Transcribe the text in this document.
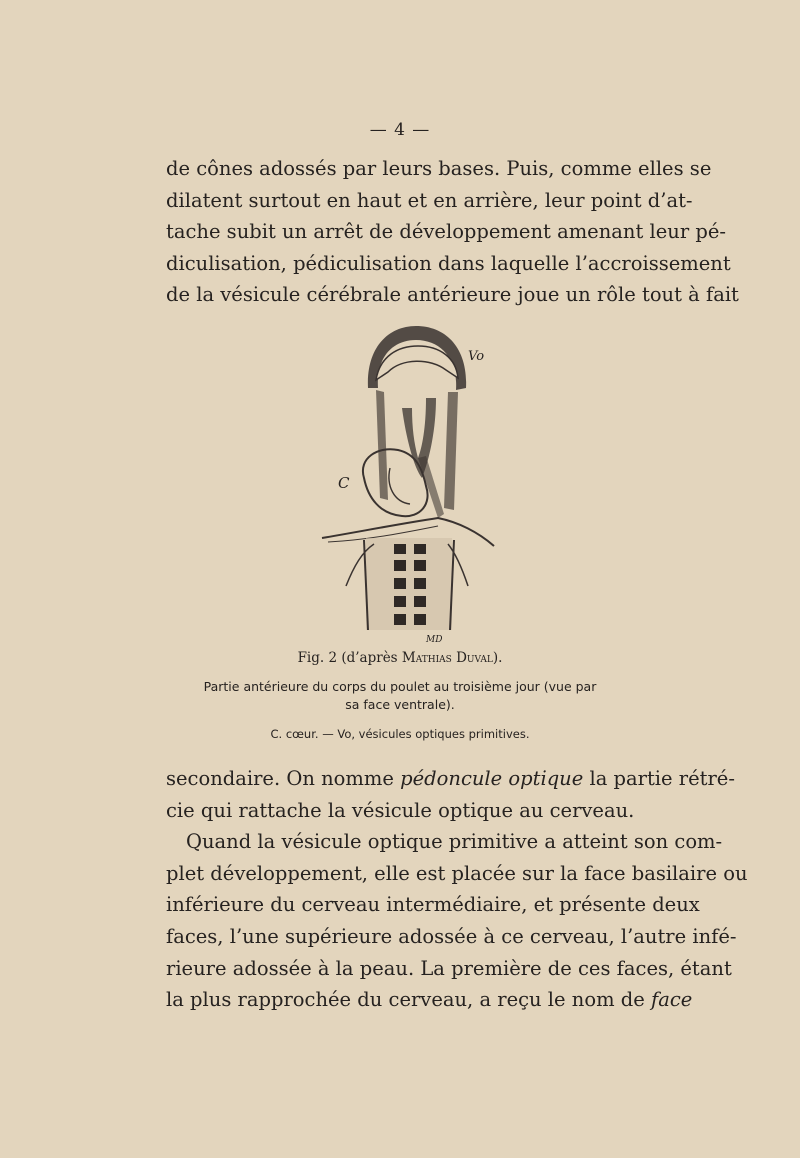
— 4 —

de cônes adossés par leurs bases. Puis, comme elles se
dilatent surtout en haut et en arrière, leur point d’at-
tache subit un arrêt de développement amenant leur pé-
diculisation, pédiculisation dans laquelle l’accroissement
de la vésicule cérébrale antérieure joue un rôle tout à fait

Vo
C
MD
Fig. 2 (d’après Mathias Duval).
Partie antérieure du corps du poulet au troisième jour (vue par
sa face ventrale).
C. cœur. — Vo, vésicules optiques primitives.

secondaire. On nomme pédoncule optique la partie rétré-
cie qui rattache la vésicule optique au cerveau.
Quand la vésicule optique primitive a atteint son com-
plet développement, elle est placée sur la face basilaire ou
inférieure du cerveau intermédiaire, et présente deux
faces, l’une supérieure adossée à ce cerveau, l’autre infé-
rieure adossée à la peau. La première de ces faces, étant
la plus rapprochée du cerveau, a reçu le nom de face
